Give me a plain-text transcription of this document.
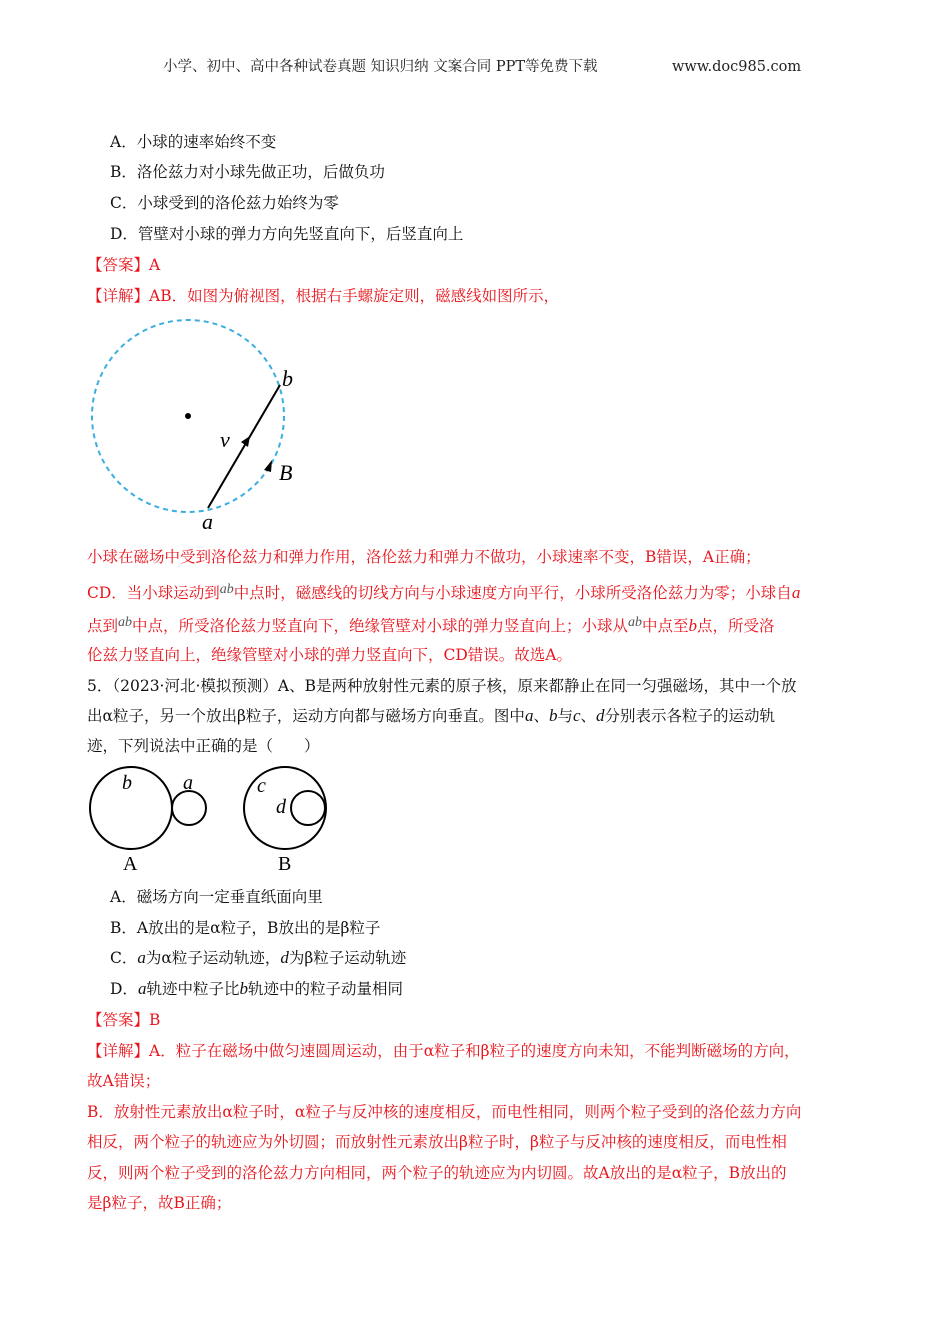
小学、初中、高中各种试卷真题 知识归纳 文案合同 PPT等免费下载	www.doc985.com
A．小球的速率始终不变
B．洛伦兹力对小球先做正功，后做负功
C．小球受到的洛伦兹力始终为零
D．管壁对小球的弹力方向先竖直向下，后竖直向上
【答案】A
【详解】AB．如图为俯视图，根据右手螺旋定则，磁感线如图所示，
v
b
B
a
小球在磁场中受到洛伦兹力和弹力作用，洛伦兹力和弹力不做功，小球速率不变，B错误，A正确；
CD．当小球运动到ab中点时，磁感线的切线方向与小球速度方向平行，小球所受洛伦兹力为零；小球自a
点到ab中点，所受洛伦兹力竖直向下，绝缘管壁对小球的弹力竖直向上；小球从ab中点至b点，所受洛
伦兹力竖直向上，绝缘管壁对小球的弹力竖直向下，CD错误。故选A。
5．（2023·河北·模拟预测）A、B是两种放射性元素的原子核，原来都静止在同一匀强磁场，其中一个放
出α粒子，另一个放出β粒子，运动方向都与磁场方向垂直。图中a、b与c、d分别表示各粒子的运动轨
迹，下列说法中正确的是（　　）
b	a
A
c
d
B
A．磁场方向一定垂直纸面向里
B．A放出的是α粒子，B放出的是β粒子
C．a为α粒子运动轨迹，d为β粒子运动轨迹
D．a轨迹中粒子比b轨迹中的粒子动量相同
【答案】B
【详解】A．粒子在磁场中做匀速圆周运动，由于α粒子和β粒子的速度方向未知，不能判断磁场的方向，
故A错误；
B．放射性元素放出α粒子时，α粒子与反冲核的速度相反，而电性相同，则两个粒子受到的洛伦兹力方向
相反，两个粒子的轨迹应为外切圆；而放射性元素放出β粒子时，β粒子与反冲核的速度相反，而电性相
反，则两个粒子受到的洛伦兹力方向相同，两个粒子的轨迹应为内切圆。故A放出的是α粒子，B放出的
是β粒子，故B正确；
